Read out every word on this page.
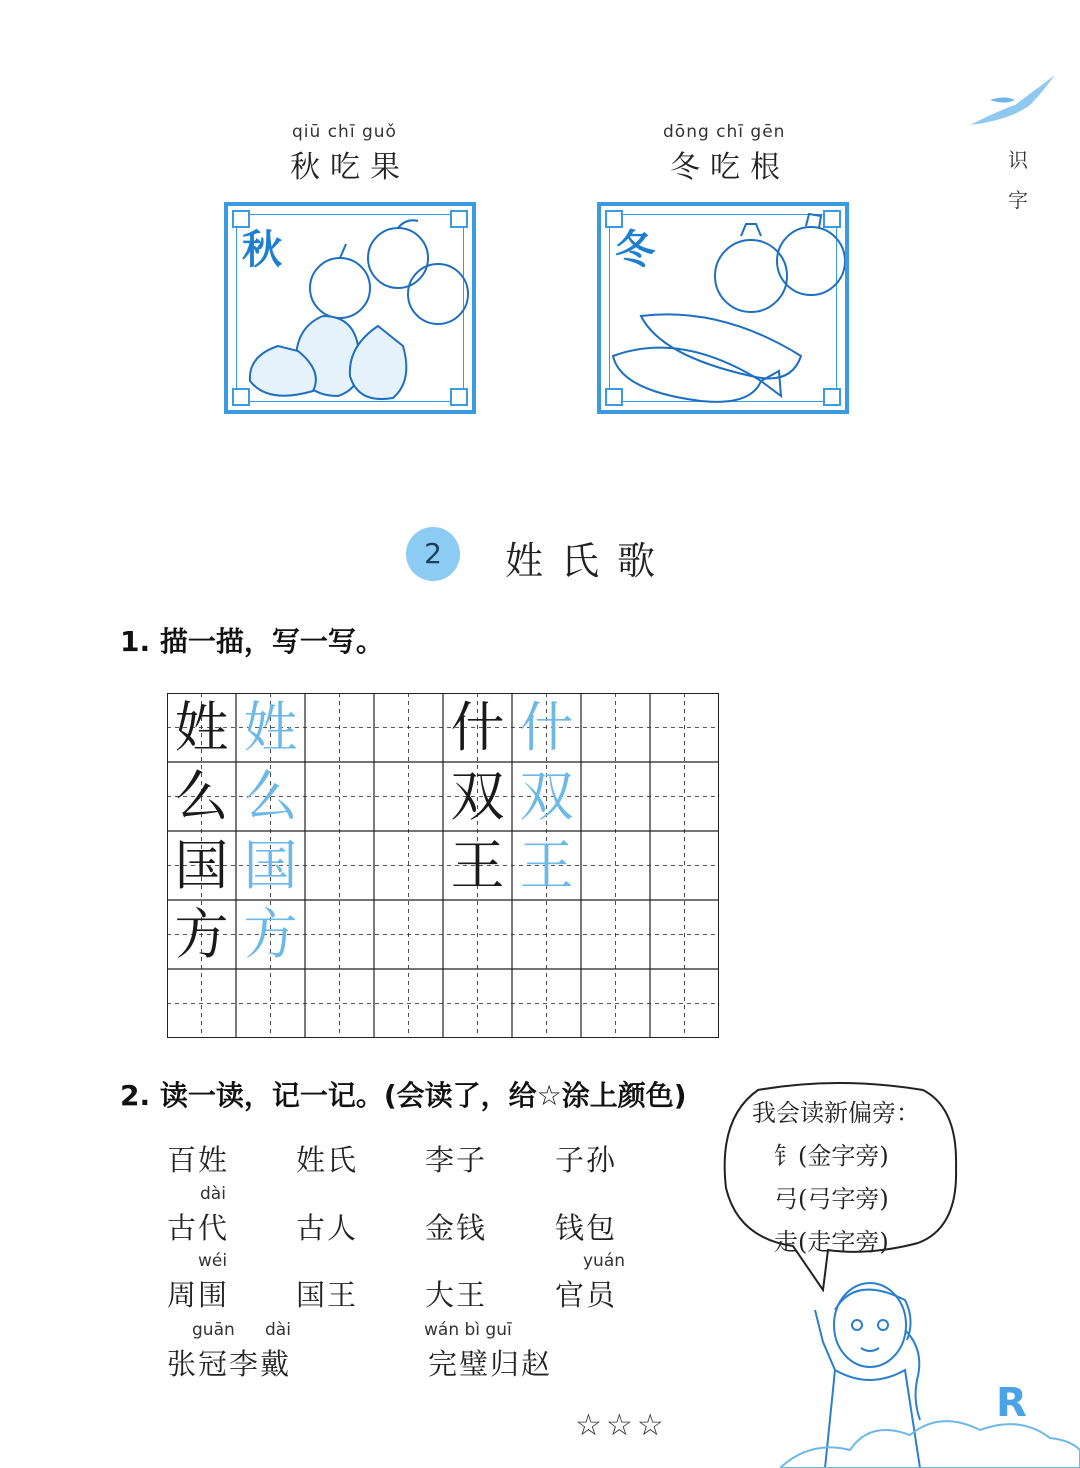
识字
qiū chī guǒ
秋吃果
秋
dōng chī gēn
冬吃根
冬
2	姓氏歌
1. 描一描，写一写。
姓 姓	什 什
么 么	双 双
国 国	王 王
方 方
2. 读一读，记一记。(会读了，给☆涂上颜色)
百姓 姓氏 李子 子孙
dài
古代 古人 金钱 钱包
wéi	yuán
周围 国王 大王 官员
guān dài	wán bì guī
张冠李戴	完璧归赵
我会读新偏旁：
钅(金字旁)
弓(弓字旁)
走(走字旁)
R
☆☆☆
